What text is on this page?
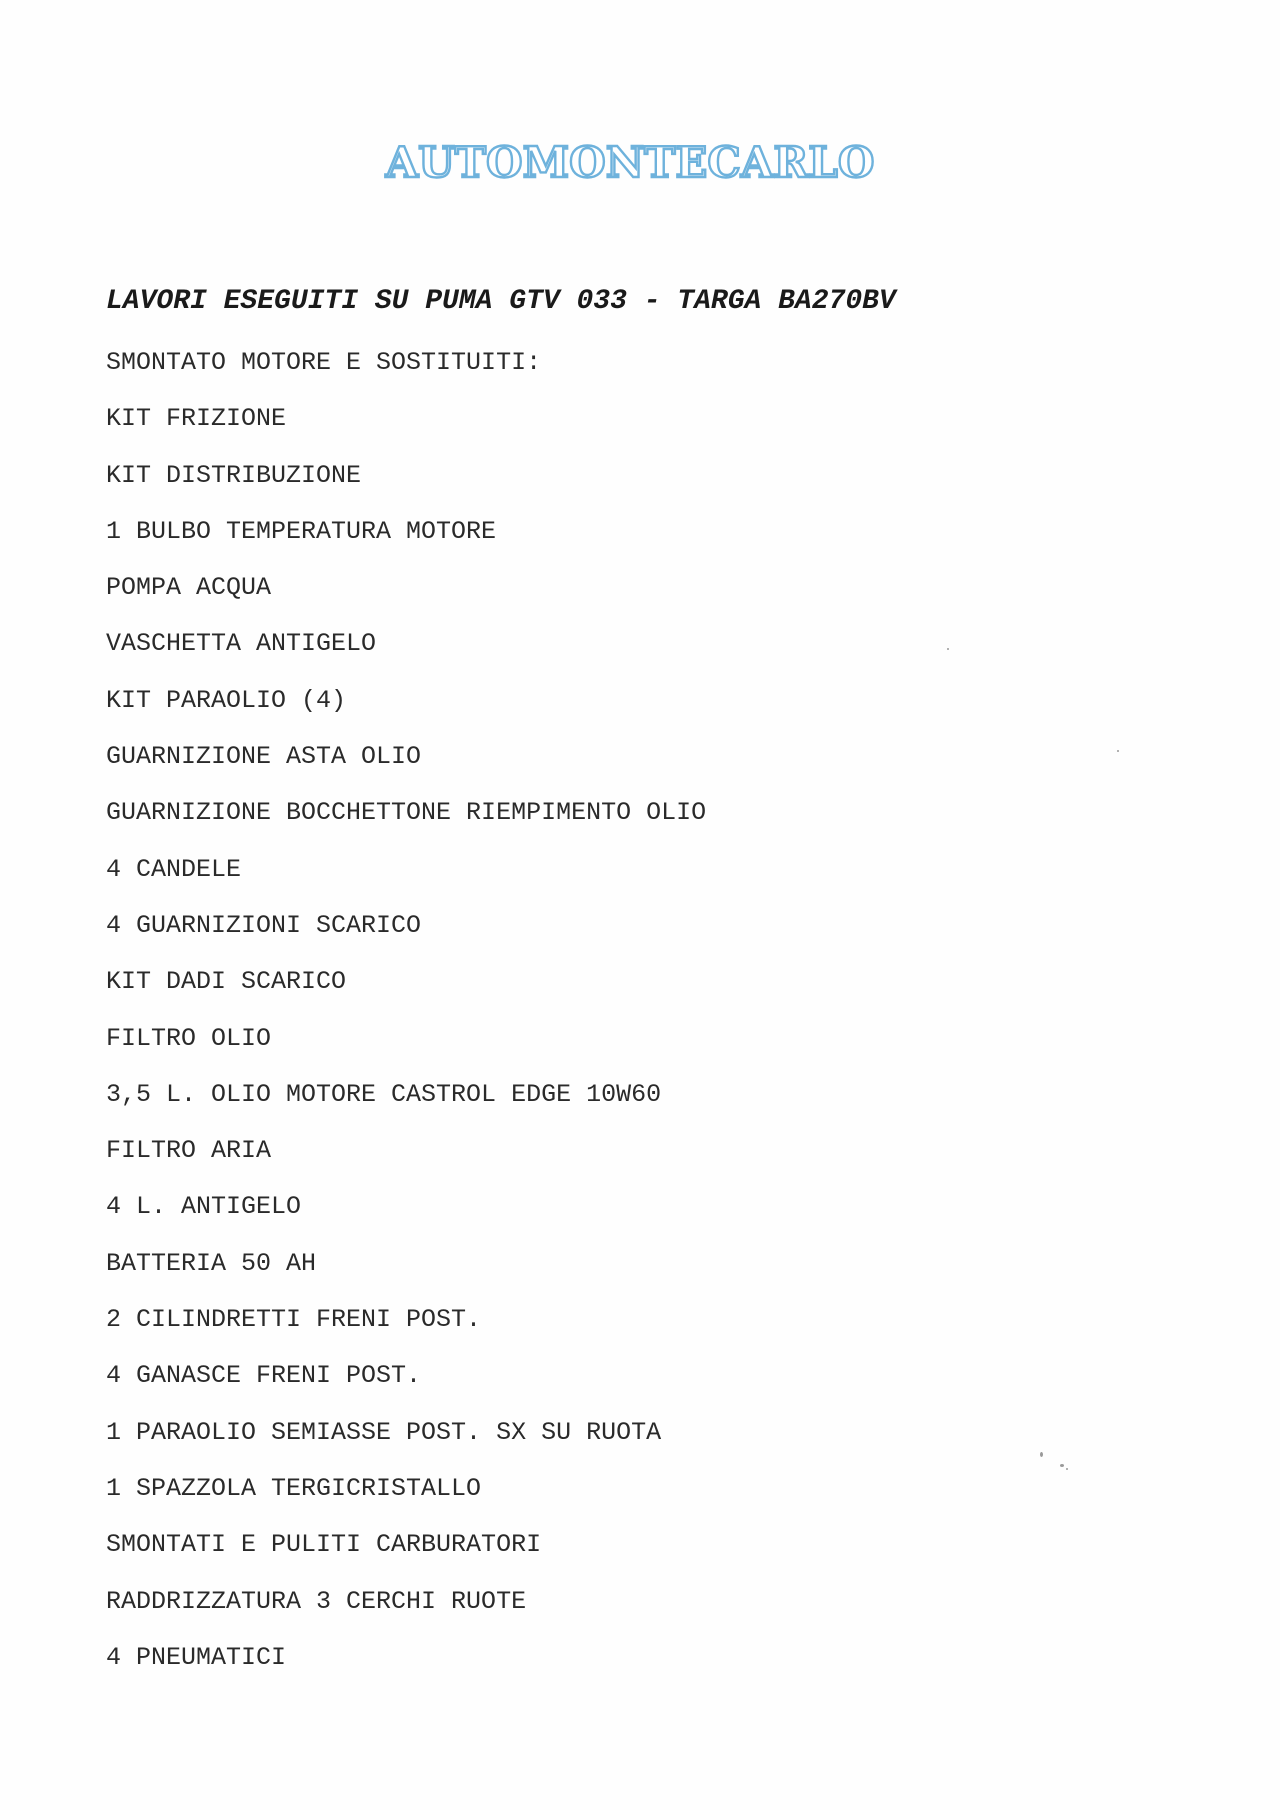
AUTOMONTECARLO
LAVORI ESEGUITI SU PUMA GTV 033 - TARGA BA270BV
SMONTATO MOTORE E SOSTITUITI:
KIT FRIZIONE
KIT DISTRIBUZIONE
1 BULBO TEMPERATURA MOTORE
POMPA ACQUA
VASCHETTA ANTIGELO
KIT PARAOLIO (4)
GUARNIZIONE ASTA OLIO
GUARNIZIONE BOCCHETTONE RIEMPIMENTO OLIO
4 CANDELE
4 GUARNIZIONI SCARICO
KIT DADI SCARICO
FILTRO OLIO
3,5 L. OLIO MOTORE CASTROL EDGE 10W60
FILTRO ARIA
4 L. ANTIGELO
BATTERIA 50 AH
2 CILINDRETTI FRENI POST.
4 GANASCE FRENI POST.
1 PARAOLIO SEMIASSE POST. SX SU RUOTA
1 SPAZZOLA TERGICRISTALLO
SMONTATI E PULITI CARBURATORI
RADDRIZZATURA 3 CERCHI RUOTE
4 PNEUMATICI
